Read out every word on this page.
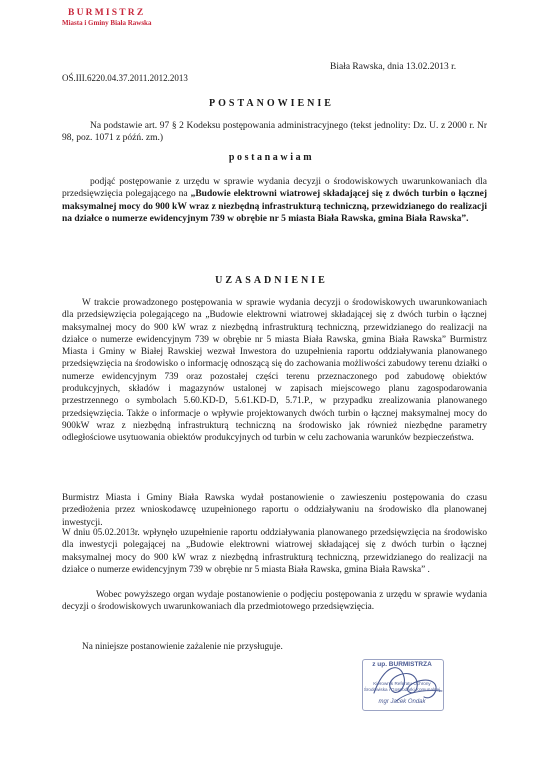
BURMISTRZ
Miasta i Gminy Biała Rawska
Biała Rawska, dnia 13.02.2013 r.
OŚ.III.6220.04.37.2011.2012.2013
POSTANOWIENIE
Na podstawie art. 97 § 2 Kodeksu postępowania administracyjnego (tekst jednolity: Dz. U. z 2000 r. Nr 98, poz. 1071 z późń. zm.)
postanawiam
podjąć postępowanie z urzędu w sprawie wydania decyzji o środowiskowych uwarunkowaniach dla przedsięwzięcia polegającego na „Budowie elektrowni wiatrowej składającej się z dwóch turbin o łącznej maksymalnej mocy do 900 kW wraz z niezbędną infrastrukturą techniczną, przewidzianego do realizacji na działce o numerze ewidencyjnym 739 w obrębie nr 5 miasta Biała Rawska, gmina Biała Rawska”.
UZASADNIENIE
W trakcie prowadzonego postępowania w sprawie wydania decyzji o środowiskowych uwarunkowaniach dla przedsięwzięcia polegającego na „Budowie elektrowni wiatrowej składającej się z dwóch turbin o łącznej maksymalnej mocy do 900 kW wraz z niezbędną infrastrukturą techniczną, przewidzianego do realizacji na działce o numerze ewidencyjnym 739 w obrębie nr 5 miasta Biała Rawska, gmina Biała Rawska” Burmistrz Miasta i Gminy w Białej Rawskiej wezwał Inwestora do uzupełnienia raportu oddziaływania planowanego przedsięwzięcia na środowisko o informację odnoszącą się do zachowania możliwości zabudowy terenu działki o numerze ewidencyjnym 739 oraz pozostałej części terenu przeznaczonego pod zabudowę obiektów produkcyjnych, składów i magazynów ustalonej w zapisach miejscowego planu zagospodarowania przestrzennego o symbolach 5.60.KD-D, 5.61.KD-D, 5.71.P., w przypadku zrealizowania planowanego przedsięwzięcia. Także o informacje o wpływie projektowanych dwóch turbin o łącznej maksymalnej mocy do 900kW wraz z niezbędną infrastrukturą techniczną na środowisko jak również niezbędne parametry odległościowe usytuowania obiektów produkcyjnych od turbin w celu zachowania warunków bezpieczeństwa.
Burmistrz Miasta i Gminy Biała Rawska wydał postanowienie o zawieszeniu postępowania do czasu przedłożenia przez wnioskodawcę uzupełnionego raportu o oddziaływaniu na środowisko dla planowanej inwestycji.
W dniu 05.02.2013r. wpłynęło uzupełnienie raportu oddziaływania planowanego przedsięwzięcia na środowisko dla inwestycji polegającej na „Budowie elektrowni wiatrowej składającej się z dwóch turbin o łącznej maksymalnej mocy do 900 kW wraz z niezbędną infrastrukturą techniczną, przewidzianego do realizacji na działce o numerze ewidencyjnym 739 w obrębie nr 5 miasta Biała Rawska, gmina Biała Rawska” .
Wobec powyższego organ wydaje postanowienie o podjęciu postępowania z urzędu w sprawie wydania decyzji o środowiskowych uwarunkowaniach dla przedmiotowego przedsięwzięcia.
Na niniejsze postanowienie zażalenie nie przysługuje.
z up. BURMISTRZA
Kierownik Referatu Ochrony Środowiska i Gospodarki Komunalnej
mgr Jacek Ondak
